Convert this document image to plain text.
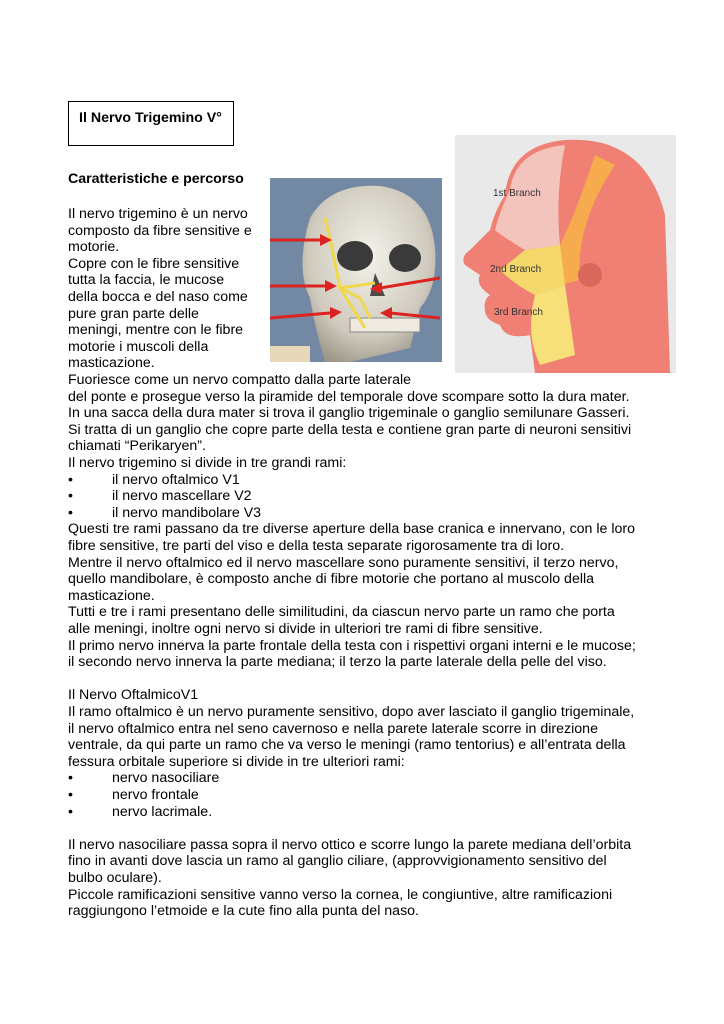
Il Nervo Trigemino V°
Caratteristiche e percorso
1st Branch
2nd Branch
3rd Branch
Il nervo trigemino è un nervo
composto da fibre sensitive e
motorie.
Copre con le fibre sensitive
tutta la faccia, le mucose
della bocca e del naso come
pure gran parte delle
meningi, mentre con le fibre
motorie i muscoli della
masticazione.
Fuoriesce come un nervo compatto dalla parte laterale
del ponte e prosegue verso la piramide del temporale dove scompare sotto la dura mater.
In una sacca della dura mater si trova il ganglio trigeminale o ganglio semilunare Gasseri.
Si tratta di un ganglio che copre parte della testa e contiene gran parte di neuroni sensitivi
chiamati “Perikaryen”.
Il nervo trigemino si divide in tre grandi rami:
•	il nervo oftalmico V1
•	il nervo mascellare V2
•	il nervo mandibolare V3
Questi tre rami passano da tre diverse aperture della base cranica e innervano, con le loro
fibre sensitive, tre parti del viso e della testa separate rigorosamente tra di loro.
Mentre il nervo oftalmico ed il nervo mascellare sono puramente sensitivi, il terzo nervo,
quello mandibolare, è composto anche di fibre motorie che portano al muscolo della
masticazione.
Tutti e tre i rami presentano delle similitudini, da ciascun nervo parte un ramo che porta
alle meningi, inoltre ogni nervo si divide in ulteriori tre rami di fibre sensitive.
Il primo nervo innerva la parte frontale della testa con i rispettivi organi interni e le mucose;
il secondo nervo innerva la parte mediana; il terzo la parte laterale della pelle del viso.
Il Nervo OftalmicoV1
Il ramo oftalmico è un nervo puramente sensitivo, dopo aver lasciato il ganglio trigeminale,
il nervo oftalmico entra nel seno cavernoso e nella parete laterale scorre in direzione
ventrale, da qui parte un ramo che va verso le meningi (ramo tentorius) e all’entrata della
fessura orbitale superiore si divide in tre ulteriori rami:
•	nervo nasociliare
•	nervo frontale
•	nervo lacrimale.
Il nervo nasociliare passa sopra il nervo ottico e scorre lungo la parete mediana dell’orbita
fino in avanti dove lascia un ramo al ganglio ciliare, (approvvigionamento sensitivo del
bulbo oculare).
Piccole ramificazioni sensitive vanno verso la cornea, le congiuntive, altre ramificazioni
raggiungono l’etmoide e la cute fino alla punta del naso.
